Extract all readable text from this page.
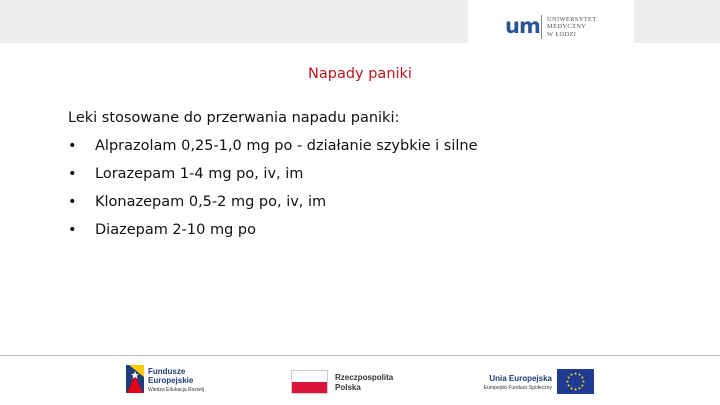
um UNIWERSYTET
MEDYCZNY
W ŁODZI
Napady paniki
Leki stosowane do przerwania napadu paniki:
• Alprazolam 0,25-1,0 mg po - działanie szybkie i silne
• Lorazepam 1-4 mg po, iv, im
• Klonazepam 0,5-2 mg po, iv, im
• Diazepam 2-10 mg po
Fundusze
Europejskie
Wiedza Edukacja Rozwój
Rzeczpospolita
Polska
Unia Europejska
Europejski Fundusz Społeczny
